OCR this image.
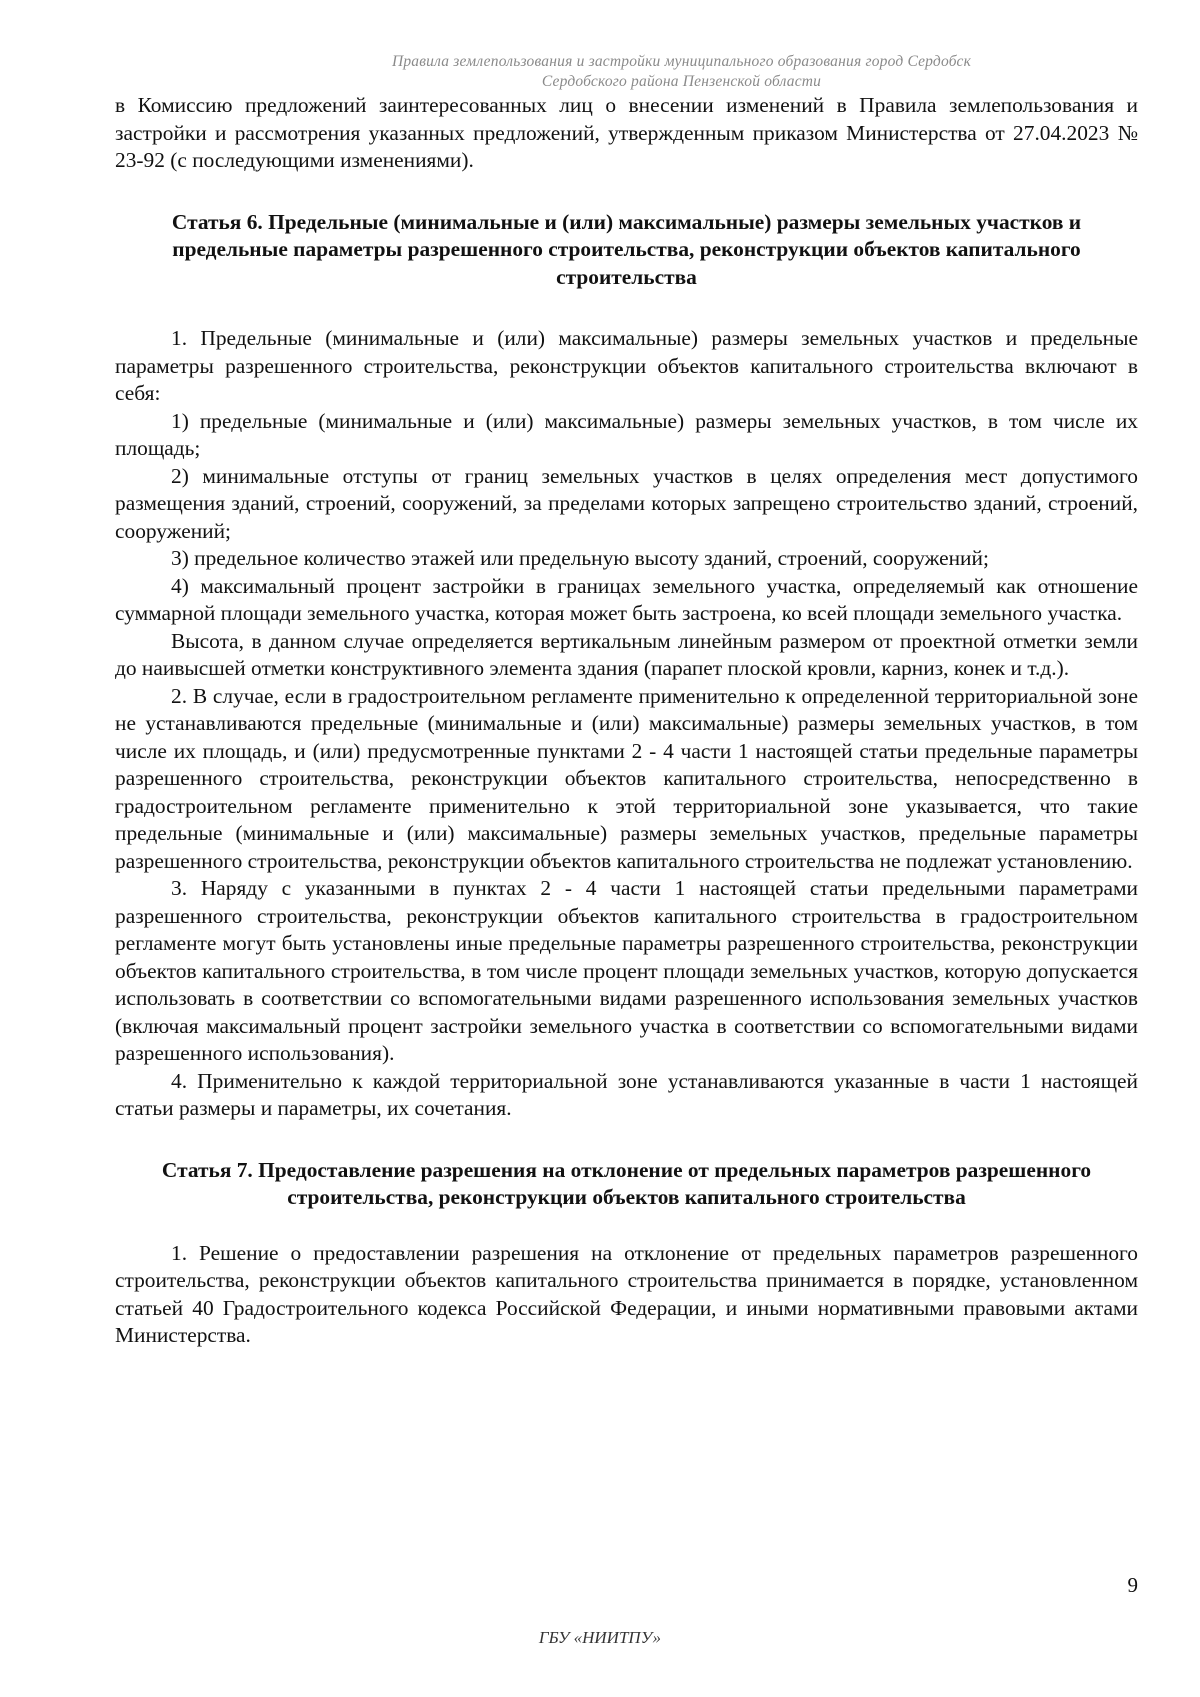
Правила землепользования и застройки муниципального образования город Сердобск
Сердобского района Пензенской области

в Комиссию предложений заинтересованных лиц о внесении изменений в Правила землепользования и застройки и рассмотрения указанных предложений, утвержденным приказом Министерства от 27.04.2023 № 23-92 (с последующими изменениями).

Статья 6. Предельные (минимальные и (или) максимальные) размеры земельных участков и предельные параметры разрешенного строительства, реконструкции объектов капитального строительства

1. Предельные (минимальные и (или) максимальные) размеры земельных участков и предельные параметры разрешенного строительства, реконструкции объектов капитального строительства включают в себя:

1) предельные (минимальные и (или) максимальные) размеры земельных участков, в том числе их площадь;

2) минимальные отступы от границ земельных участков в целях определения мест допустимого размещения зданий, строений, сооружений, за пределами которых запрещено строительство зданий, строений, сооружений;

3) предельное количество этажей или предельную высоту зданий, строений, сооружений;

4) максимальный процент застройки в границах земельного участка, определяемый как отношение суммарной площади земельного участка, которая может быть застроена, ко всей площади земельного участка.

Высота, в данном случае определяется вертикальным линейным размером от проектной отметки земли до наивысшей отметки конструктивного элемента здания (парапет плоской кровли, карниз, конек и т.д.).

2. В случае, если в градостроительном регламенте применительно к определенной территориальной зоне не устанавливаются предельные (минимальные и (или) максимальные) размеры земельных участков, в том числе их площадь, и (или) предусмотренные пунктами 2 - 4 части 1 настоящей статьи предельные параметры разрешенного строительства, реконструкции объектов капитального строительства, непосредственно в градостроительном регламенте применительно к этой территориальной зоне указывается, что такие предельные (минимальные и (или) максимальные) размеры земельных участков, предельные параметры разрешенного строительства, реконструкции объектов капитального строительства не подлежат установлению.

3. Наряду с указанными в пунктах 2 - 4 части 1 настоящей статьи предельными параметрами разрешенного строительства, реконструкции объектов капитального строительства в градостроительном регламенте могут быть установлены иные предельные параметры разрешенного строительства, реконструкции объектов капитального строительства, в том числе процент площади земельных участков, которую допускается использовать в соответствии со вспомогательными видами разрешенного использования земельных участков (включая максимальный процент застройки земельного участка в соответствии со вспомогательными видами разрешенного использования).

4. Применительно к каждой территориальной зоне устанавливаются указанные в части 1 настоящей статьи размеры и параметры, их сочетания.

Статья 7. Предоставление разрешения на отклонение от предельных параметров разрешенного строительства, реконструкции объектов капитального строительства

1. Решение о предоставлении разрешения на отклонение от предельных параметров разрешенного строительства, реконструкции объектов капитального строительства принимается в порядке, установленном статьей 40 Градостроительного кодекса Российской Федерации, и иными нормативными правовыми актами Министерства.

9
ГБУ «НИИТПУ»
